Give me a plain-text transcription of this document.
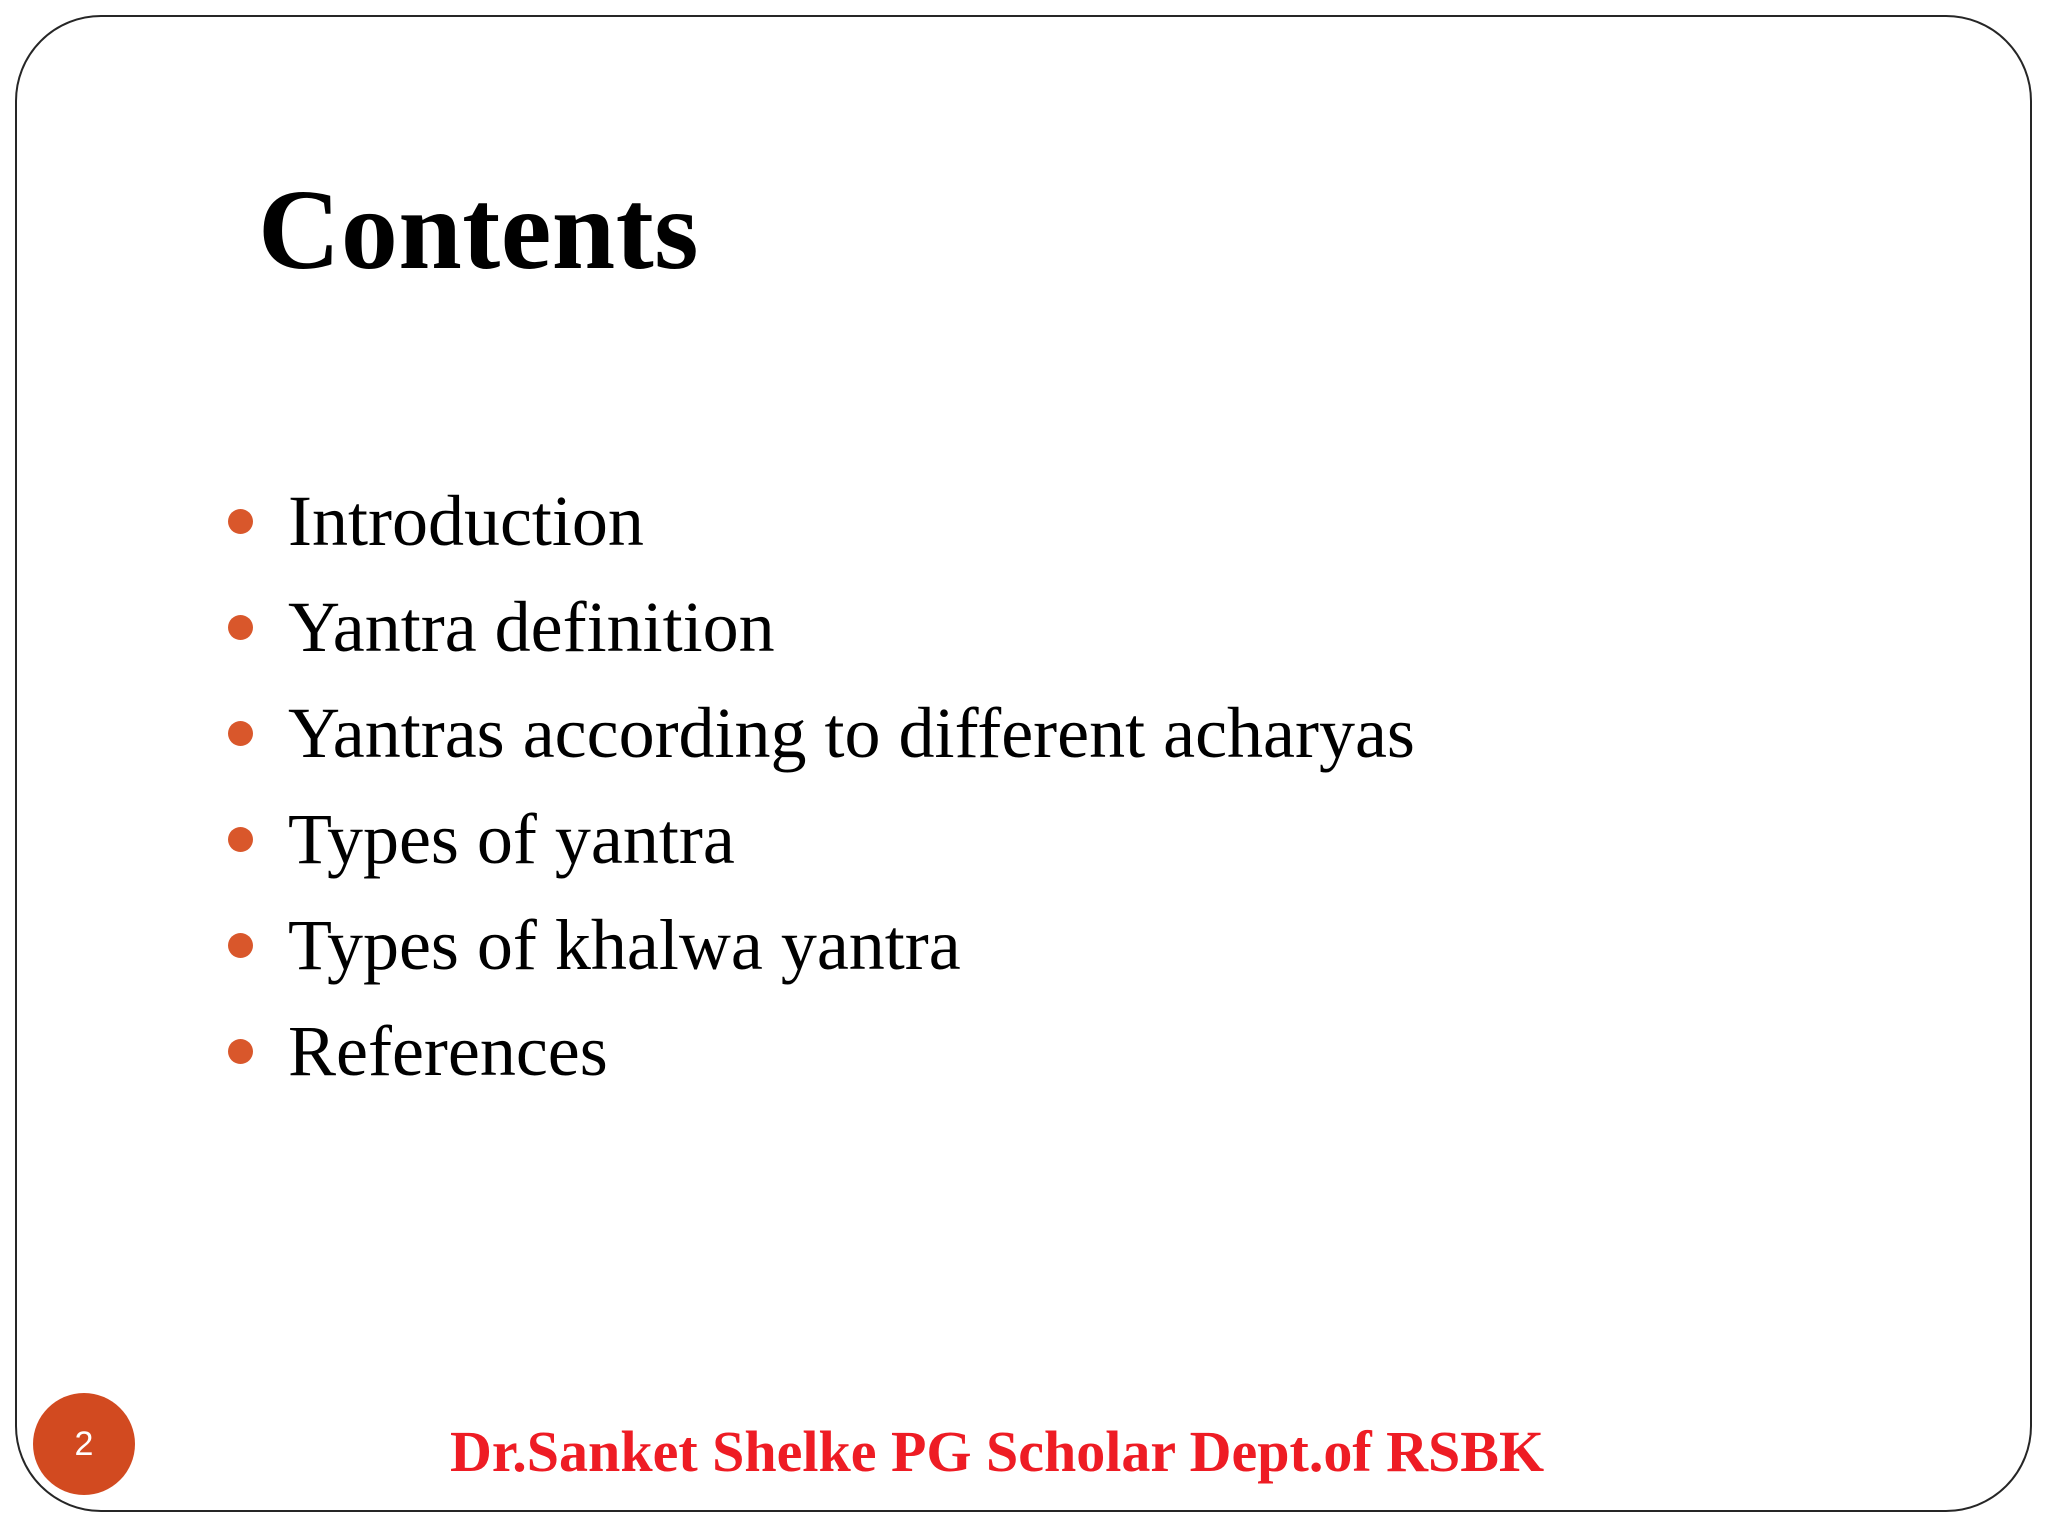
Contents
Introduction
Yantra definition
Yantras according to different acharyas
Types of yantra
Types of khalwa yantra
References
2	Dr.Sanket Shelke PG Scholar Dept.of RSBK
